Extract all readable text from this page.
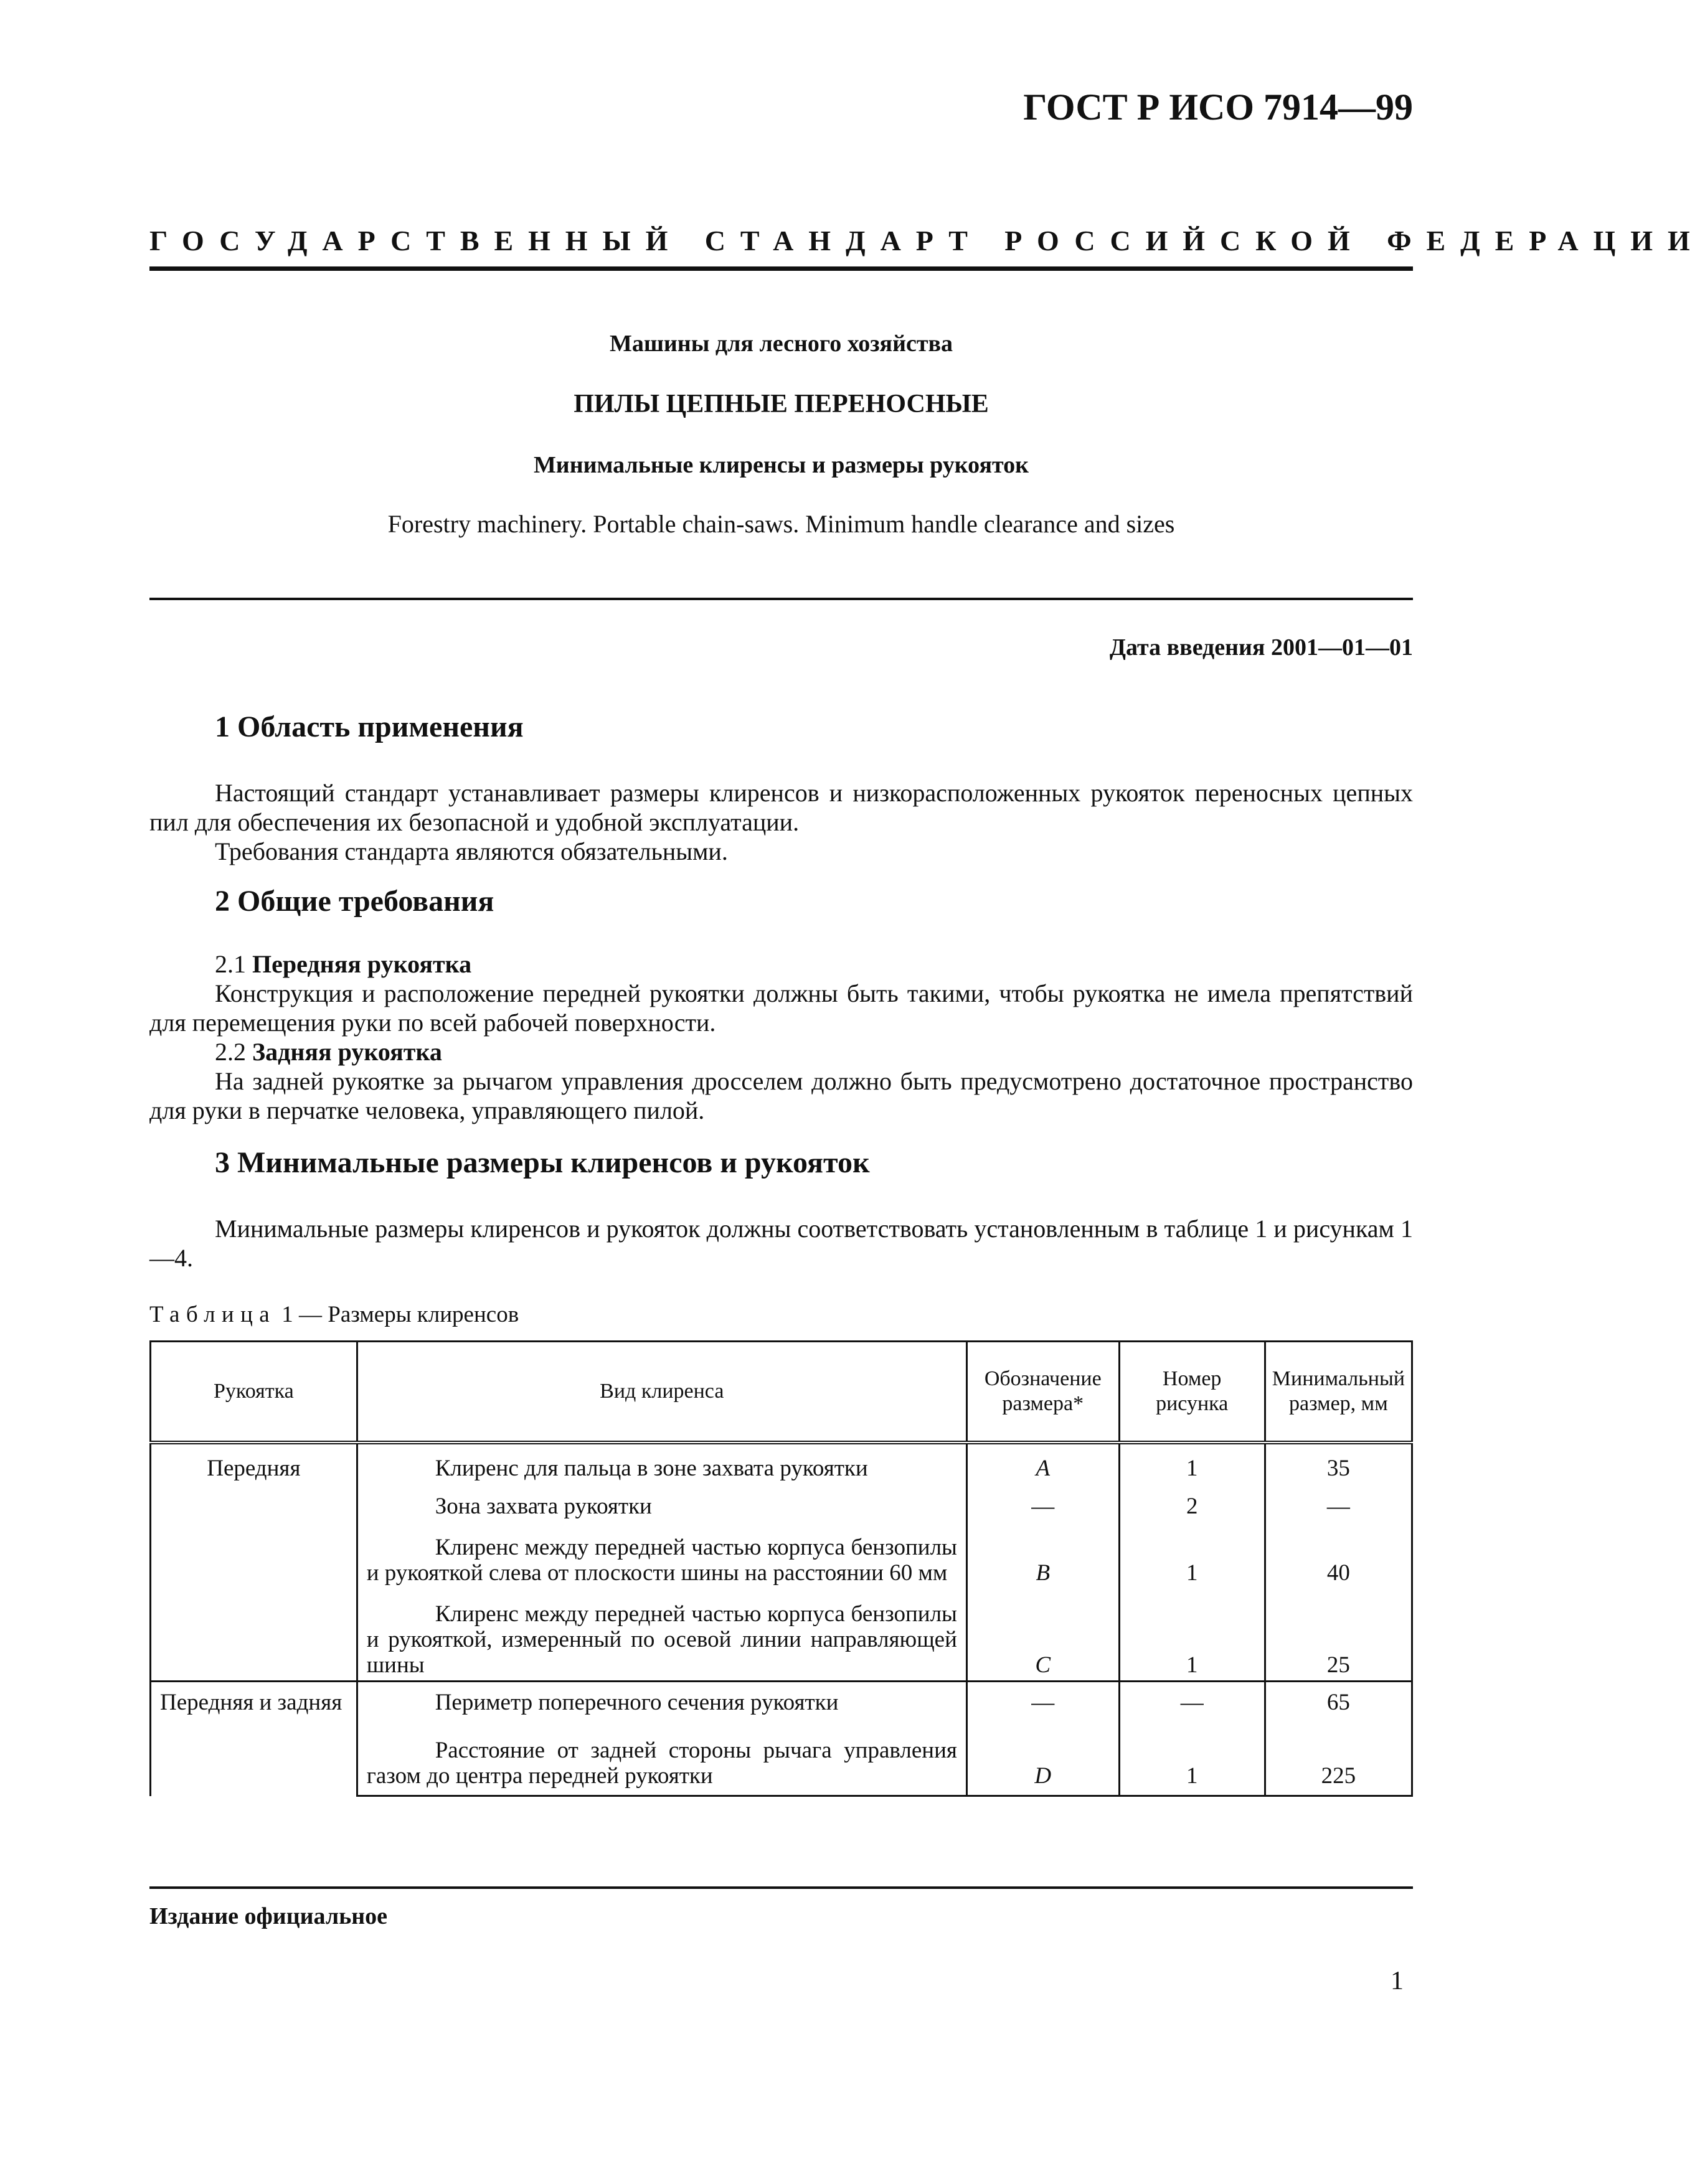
ГОСТ Р ИСО 7914—99
ГОСУДАРСТВЕННЫЙ СТАНДАРТ РОССИЙСКОЙ ФЕДЕРАЦИИ
Машины для лесного хозяйства
ПИЛЫ ЦЕПНЫЕ ПЕРЕНОСНЫЕ
Минимальные клиренсы и размеры рукояток
Forestry machinery. Portable chain-saws. Minimum handle clearance and sizes
Дата введения 2001—01—01
1 Область применения
Настоящий стандарт устанавливает размеры клиренсов и низкорасположенных рукояток переносных цепных пил для обеспечения их безопасной и удобной эксплуатации.
Требования стандарта являются обязательными.
2 Общие требования
2.1 Передняя рукоятка
Конструкция и расположение передней рукоятки должны быть такими, чтобы рукоятка не имела препятствий для перемещения руки по всей рабочей поверхности.
2.2 Задняя рукоятка
На задней рукоятке за рычагом управления дросселем должно быть предусмотрено достаточное пространство для руки в перчатке человека, управляющего пилой.
3 Минимальные размеры клиренсов и рукояток
Минимальные размеры клиренсов и рукояток должны соответствовать установленным в таблице 1 и рисункам 1—4.
Таблица 1 — Размеры клиренсов
Рукоятка	Вид клиренса	Обозначение размера*	Номер рисунка	Минимальный размер, мм
Передняя	Клиренс для пальца в зоне захвата рукоятки	A	1	35
	Зона захвата рукоятки	—	2	—
	Клиренс между передней частью корпуса бензопилы и рукояткой слева от плоскости шины на расстоянии 60 мм	B	1	40
	Клиренс между передней частью корпуса бензопилы и рукояткой, измеренный по осевой линии направляющей шины	C	1	25
Передняя и задняя	Периметр поперечного сечения рукоятки	—	—	65
	Расстояние от задней стороны рычага управления газом до центра передней рукоятки	D	1	225
Издание официальное
1
